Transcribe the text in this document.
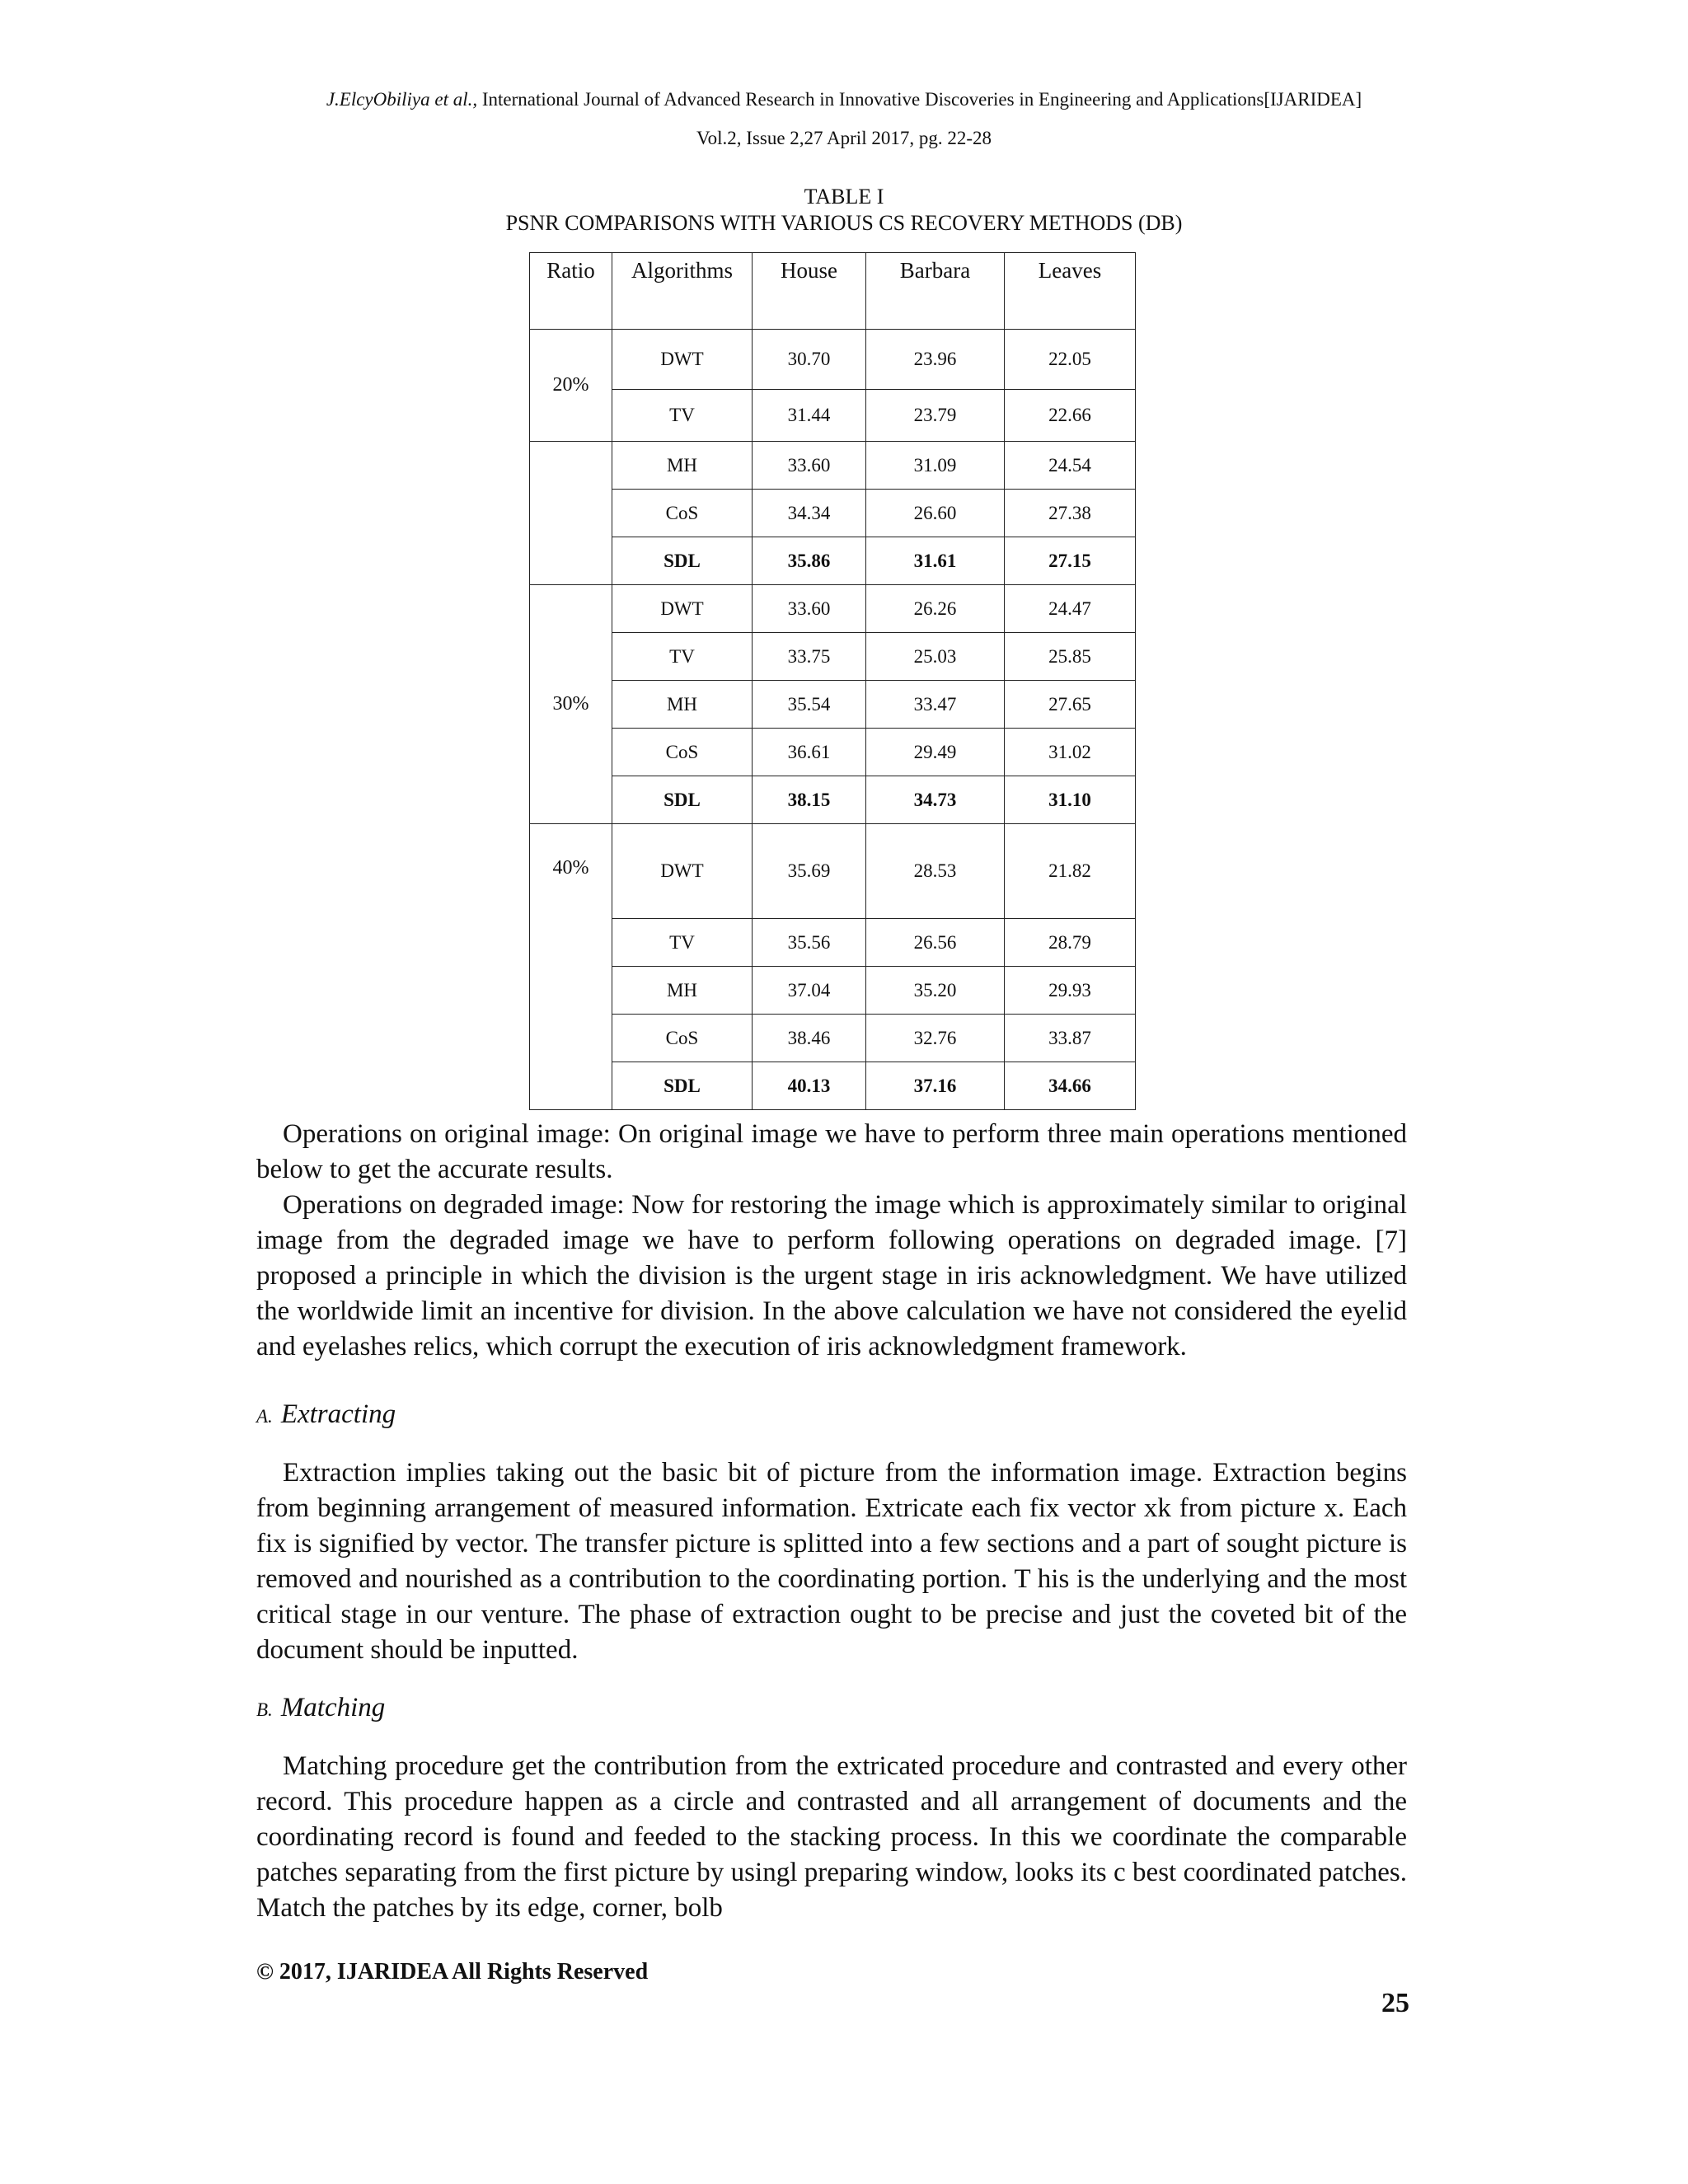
J.ElcyObiliya et al., International Journal of Advanced Research in Innovative Discoveries in Engineering and Applications[IJARIDEA]
Vol.2, Issue 2,27 April 2017, pg. 22-28
TABLE I
PSNR COMPARISONS WITH VARIOUS CS RECOVERY METHODS (DB)
Ratio	Algorithms	House	Barbara	Leaves
20%	DWT	30.70	23.96	22.05
	TV	31.44	23.79	22.66
	MH	33.60	31.09	24.54
	CoS	34.34	26.60	27.38
	SDL	35.86	31.61	27.15
30%	DWT	33.60	26.26	24.47
	TV	33.75	25.03	25.85
	MH	35.54	33.47	27.65
	CoS	36.61	29.49	31.02
	SDL	38.15	34.73	31.10
40%	DWT	35.69	28.53	21.82
	TV	35.56	26.56	28.79
	MH	37.04	35.20	29.93
	CoS	38.46	32.76	33.87
	SDL	40.13	37.16	34.66

Operations on original image: On original image we have to perform three main operations mentioned below to get the accurate results.

Operations on degraded image: Now for restoring the image which is approximately similar to original image from the degraded image we have to perform following operations on degraded image. [7] proposed a principle in which the division is the urgent stage in iris acknowledgment. We have utilized the worldwide limit an incentive for division. In the above calculation we have not considered the eyelid and eyelashes relics, which corrupt the execution of iris acknowledgment framework.

A. Extracting

Extraction implies taking out the basic bit of picture from the information image. Extraction begins from beginning arrangement of measured information. Extricate each fix vector xk from picture x. Each fix is signified by vector. The transfer picture is splitted into a few sections and a part of sought picture is removed and nourished as a contribution to the coordinating portion. T his is the underlying and the most critical stage in our venture. The phase of extraction ought to be precise and just the coveted bit of the document should be inputted.

B. Matching

Matching procedure get the contribution from the extricated procedure and contrasted and every other record. This procedure happen as a circle and contrasted and all arrangement of documents and the coordinating record is found and feeded to the stacking process. In this we coordinate the comparable patches separating from the first picture by usingl preparing window, looks its c best coordinated patches. Match the patches by its edge, corner, bolb

© 2017, IJARIDEA All Rights Reserved
25
